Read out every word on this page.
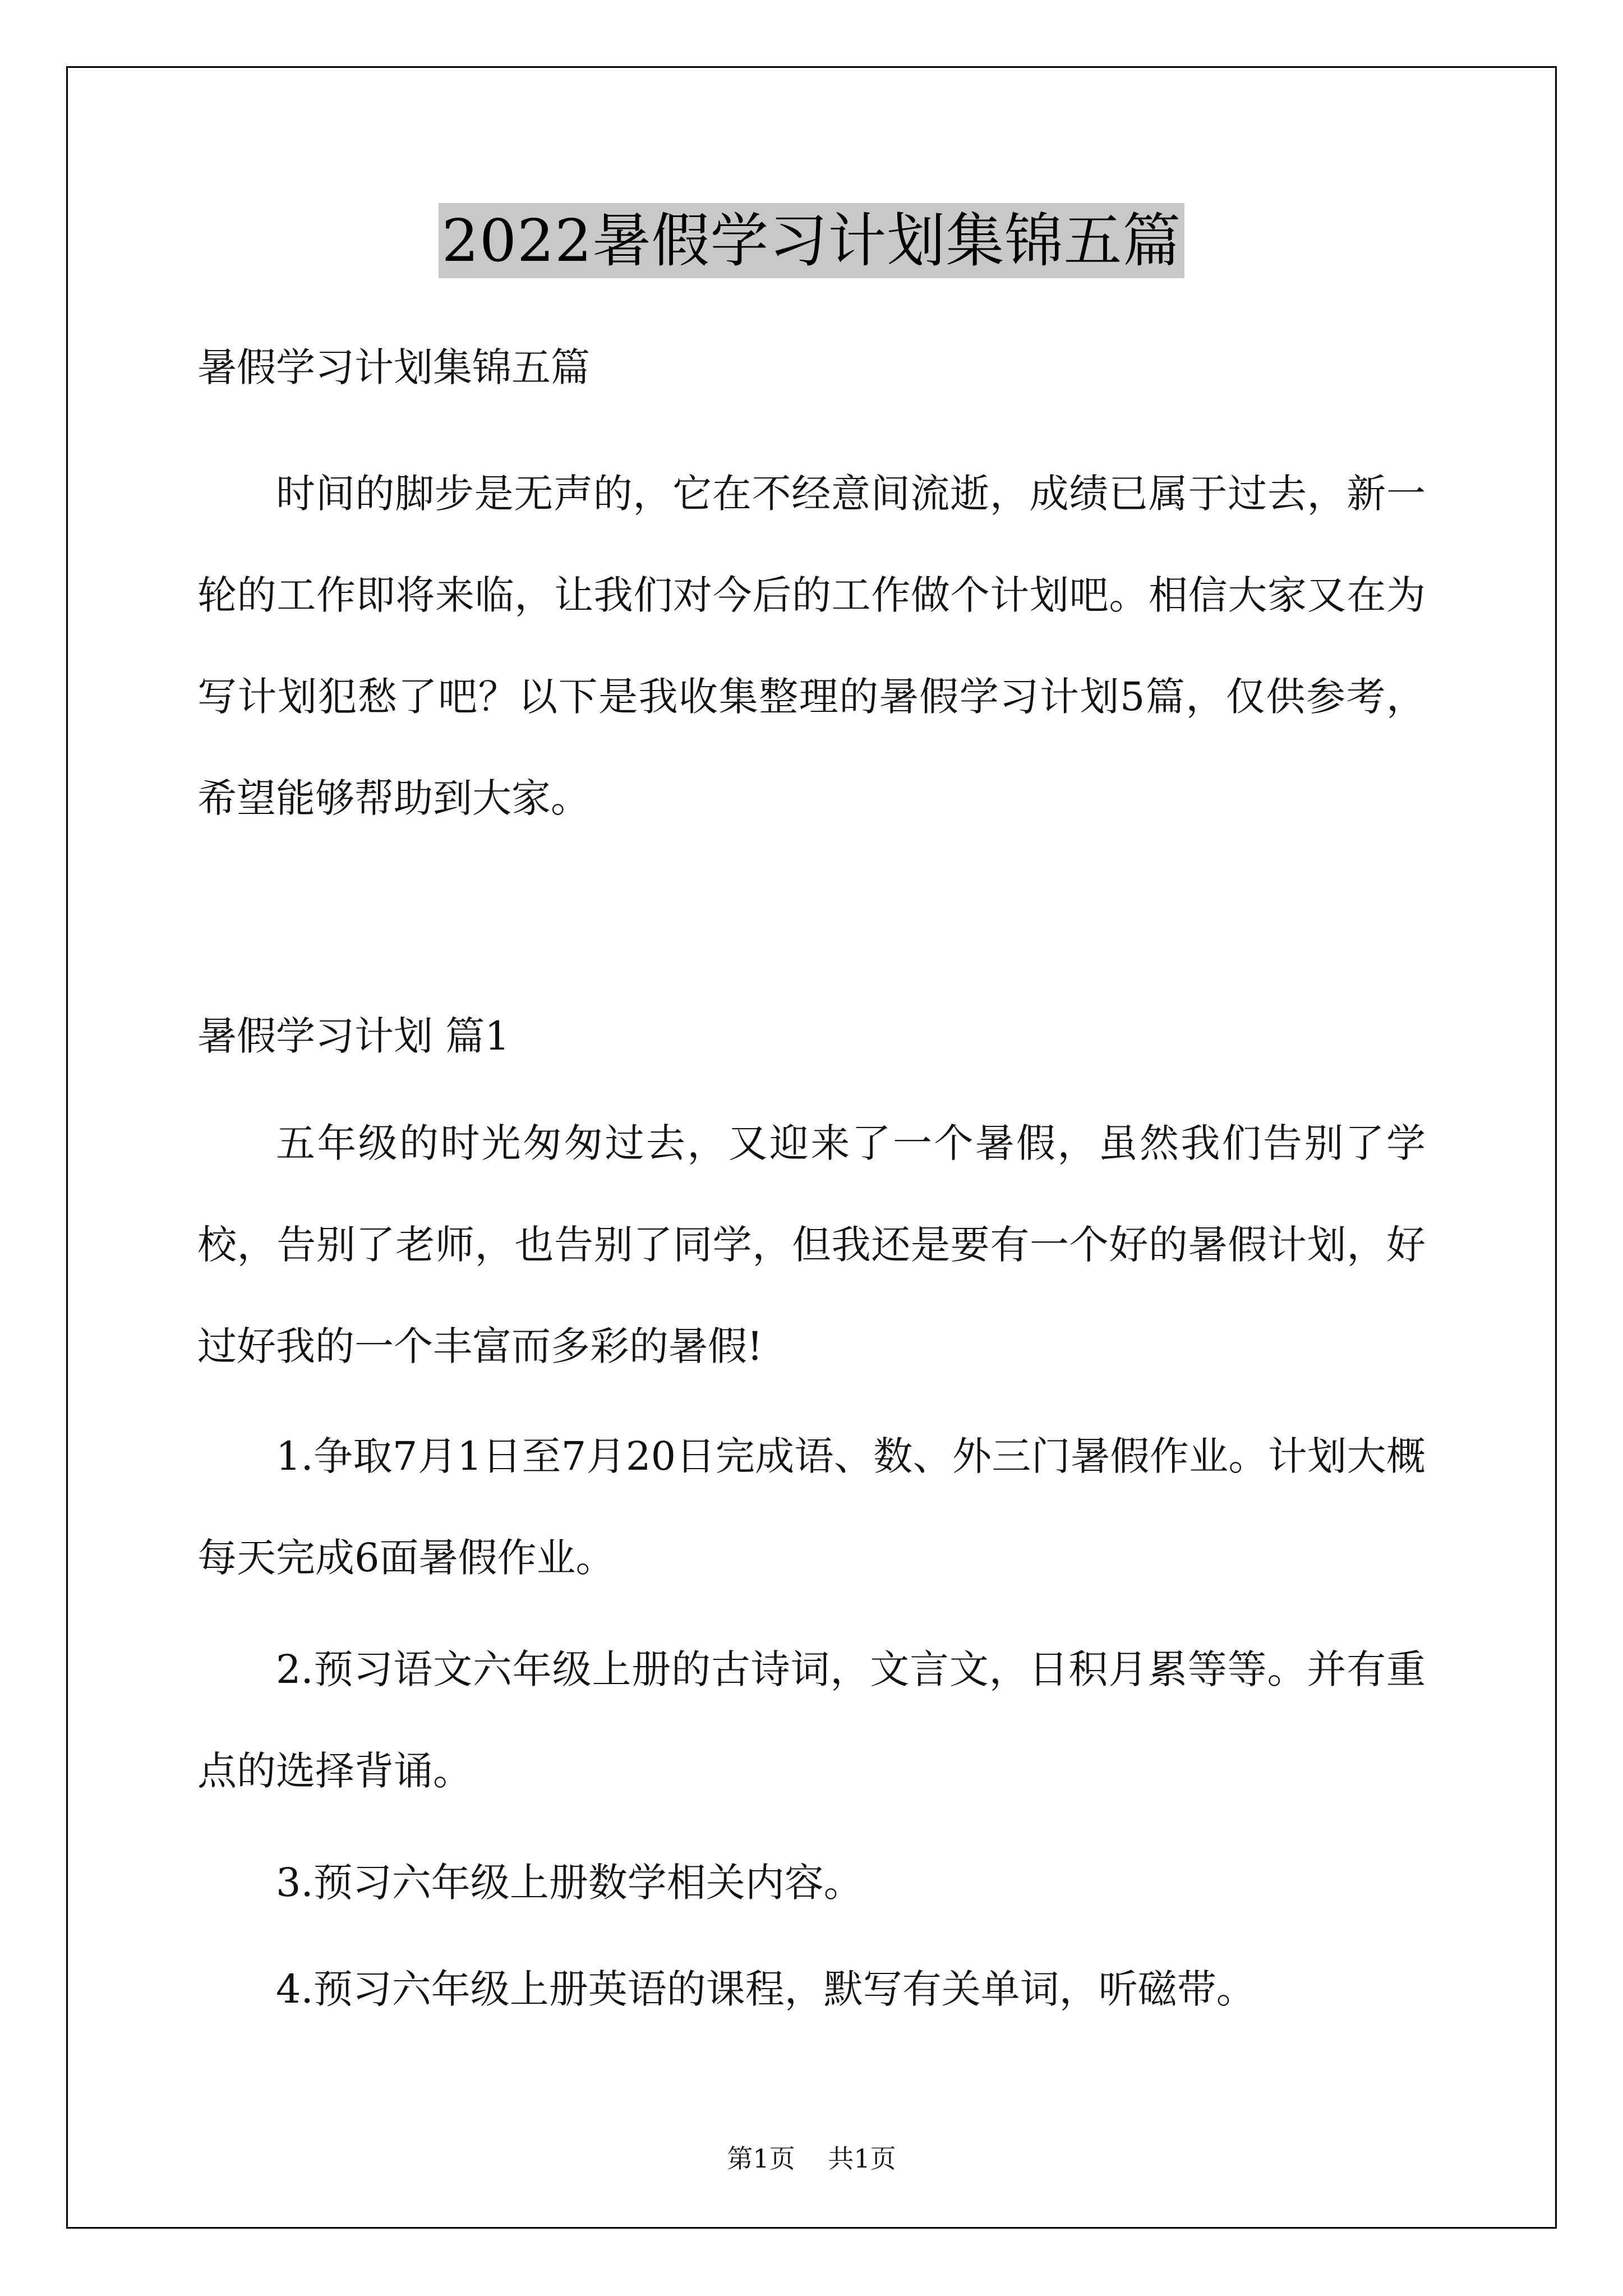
2022暑假学习计划集锦五篇
暑假学习计划集锦五篇
时间的脚步是无声的，它在不经意间流逝，成绩已属于过去，新一轮的工作即将来临，让我们对今后的工作做个计划吧。相信大家又在为写计划犯愁了吧？以下是我收集整理的暑假学习计划5篇，仅供参考，希望能够帮助到大家。
暑假学习计划 篇1
五年级的时光匆匆过去，又迎来了一个暑假，虽然我们告别了学校，告别了老师，也告别了同学，但我还是要有一个好的暑假计划，好过好我的一个丰富而多彩的暑假!
1.争取7月1日至7月20日完成语、数、外三门暑假作业。计划大概每天完成6面暑假作业。
2.预习语文六年级上册的古诗词，文言文，日积月累等等。并有重点的选择背诵。
3.预习六年级上册数学相关内容。
4.预习六年级上册英语的课程，默写有关单词，听磁带。
第1页 共1页
